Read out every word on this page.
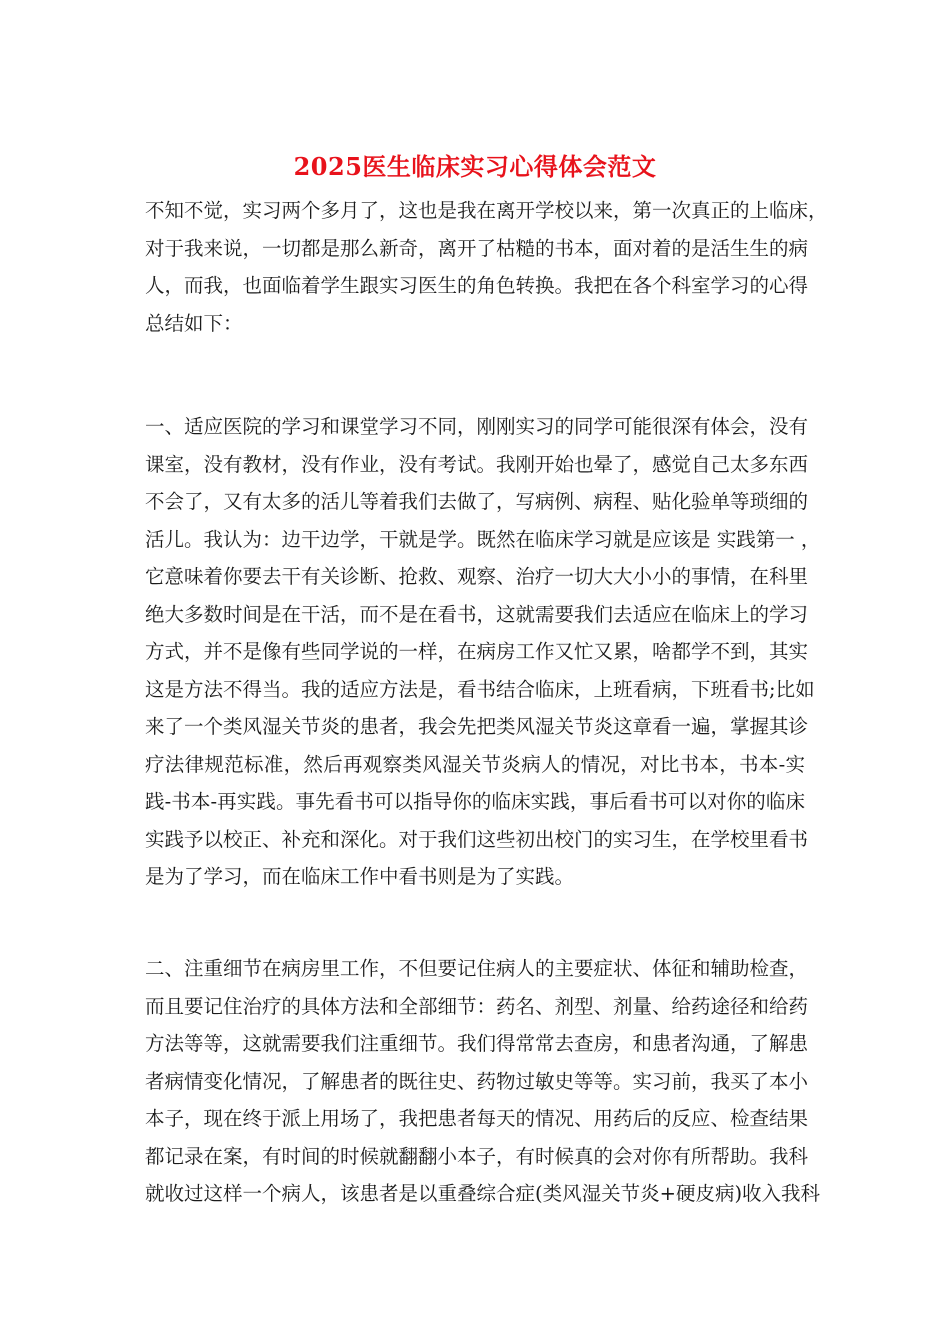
2025医生临床实习心得体会范文
不知不觉，实习两个多月了，这也是我在离开学校以来，第一次真正的上临床，
对于我来说，一切都是那么新奇，离开了枯糙的书本，面对着的是活生生的病
人，而我，也面临着学生跟实习医生的角色转换。我把在各个科室学习的心得
总结如下：
一、适应医院的学习和课堂学习不同，刚刚实习的同学可能很深有体会，没有
课室，没有教材，没有作业，没有考试。我刚开始也晕了，感觉自己太多东西
不会了，又有太多的活儿等着我们去做了，写病例、病程、贴化验单等琐细的
活儿。我认为：边干边学，干就是学。既然在临床学习就是应该是 实践第一 ，
它意味着你要去干有关诊断、抢救、观察、治疗一切大大小小的事情，在科里
绝大多数时间是在干活，而不是在看书，这就需要我们去适应在临床上的学习
方式，并不是像有些同学说的一样，在病房工作又忙又累，啥都学不到，其实
这是方法不得当。我的适应方法是，看书结合临床，上班看病，下班看书;比如
来了一个类风湿关节炎的患者，我会先把类风湿关节炎这章看一遍，掌握其诊
疗法律规范标准，然后再观察类风湿关节炎病人的情况，对比书本，书本-实
践-书本-再实践。事先看书可以指导你的临床实践，事后看书可以对你的临床
实践予以校正、补充和深化。对于我们这些初出校门的实习生，在学校里看书
是为了学习，而在临床工作中看书则是为了实践。
二、注重细节在病房里工作，不但要记住病人的主要症状、体征和辅助检查，
而且要记住治疗的具体方法和全部细节：药名、剂型、剂量、给药途径和给药
方法等等，这就需要我们注重细节。我们得常常去查房，和患者沟通，了解患
者病情变化情况，了解患者的既往史、药物过敏史等等。实习前，我买了本小
本子，现在终于派上用场了，我把患者每天的情况、用药后的反应、检查结果
都记录在案，有时间的时候就翻翻小本子，有时候真的会对你有所帮助。我科
就收过这样一个病人，该患者是以重叠综合症(类风湿关节炎+硬皮病)收入我科
